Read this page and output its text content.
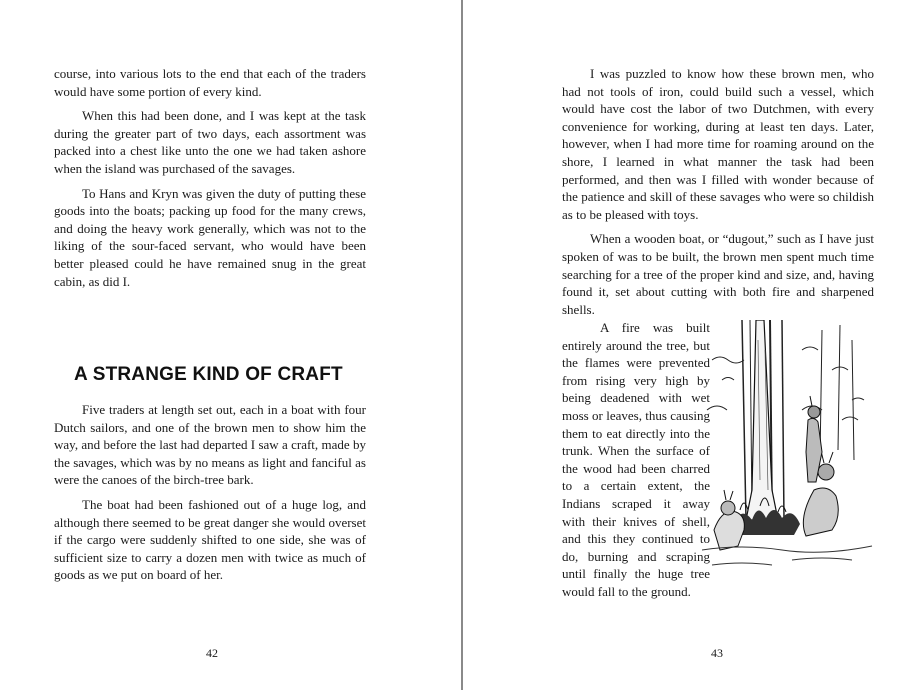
course, into various lots to the end that each of the traders would have some portion of every kind.

When this had been done, and I was kept at the task during the greater part of two days, each assortment was packed into a chest like unto the one we had taken ashore when the island was purchased of the savages.

To Hans and Kryn was given the duty of putting these goods into the boats; packing up food for the many crews, and doing the heavy work generally, which was not to the liking of the sour-faced servant, who would have been better pleased could he have remained snug in the great cabin, as did I.

A STRANGE KIND OF CRAFT

Five traders at length set out, each in a boat with four Dutch sailors, and one of the brown men to show him the way, and before the last had departed I saw a craft, made by the savages, which was by no means as light and fanciful as were the canoes of the birch-tree bark.

The boat had been fashioned out of a huge log, and although there seemed to be great danger she would overset if the cargo were suddenly shifted to one side, she was of sufficient size to carry a dozen men with twice as much of goods as we put on board of her.

42	43

I was puzzled to know how these brown men, who had not tools of iron, could build such a vessel, which would have cost the labor of two Dutchmen, with every convenience for working, during at least ten days. Later, however, when I had more time for roaming around on the shore, I learned in what manner the task had been performed, and then was I filled with wonder because of the patience and skill of these savages who were so childish as to be pleased with toys.

When a wooden boat, or “dugout,” such as I have just spoken of was to be built, the brown men spent much time searching for a tree of the proper kind and size, and, having found it, set about cutting with both fire and sharpened shells.

A fire was built entirely around the tree, but the flames were prevented from rising very high by being deadened with wet moss or leaves, thus causing them to eat directly into the trunk. When the surface of the wood had been charred to a certain extent, the Indians scraped it away with their knives of shell, and this they continued to do, burning and scraping until finally the huge tree would fall to the ground.
